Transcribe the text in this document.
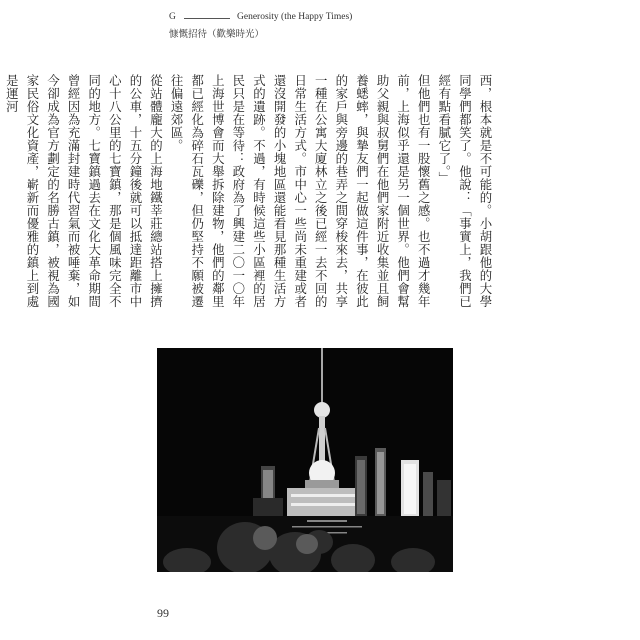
G	Generosity (the Happy Times)
慷慨招待（歡樂時光）

西，根本就是不可能的。小胡跟他的大學同學們都笑了。他說：「事實上，我們已經有點看膩它了。」

但他們也有一股懷舊之感。也不過才幾年前，上海似乎還是另一個世界。他們會幫助父親與叔舅們在他們家附近收集並且飼養蟋蟀，與摯友們一起做這件事，在彼此的家戶與旁邊的巷弄之間穿梭來去，共享一種在公寓大廈林立之後已經一去不回的日常生活方式。市中心一些尚未重建或者還沒開發的小塊地區還能看見那種生活方式的遺跡。不過，有時候這些小區裡的居民只是在等待：政府為了興建二〇一〇年上海世博會而大舉拆除建物，他們的鄰里都已經化為碎石瓦礫，但仍堅持不願被遷往偏遠郊區。

從站體龐大的上海地鐵莘莊總站搭上擁擠的公車，十五分鐘後就可以抵達距離市中心十八公里的七寶鎮，那是個風味完全不同的地方。七寶鎮過去在文化大革命期間曾經因為充滿封建時代習氣而被唾棄，如今卻成為官方劃定的名勝古鎮，被視為國家民俗文化資產，嶄新而優雅的鎮上到處是運河

99
